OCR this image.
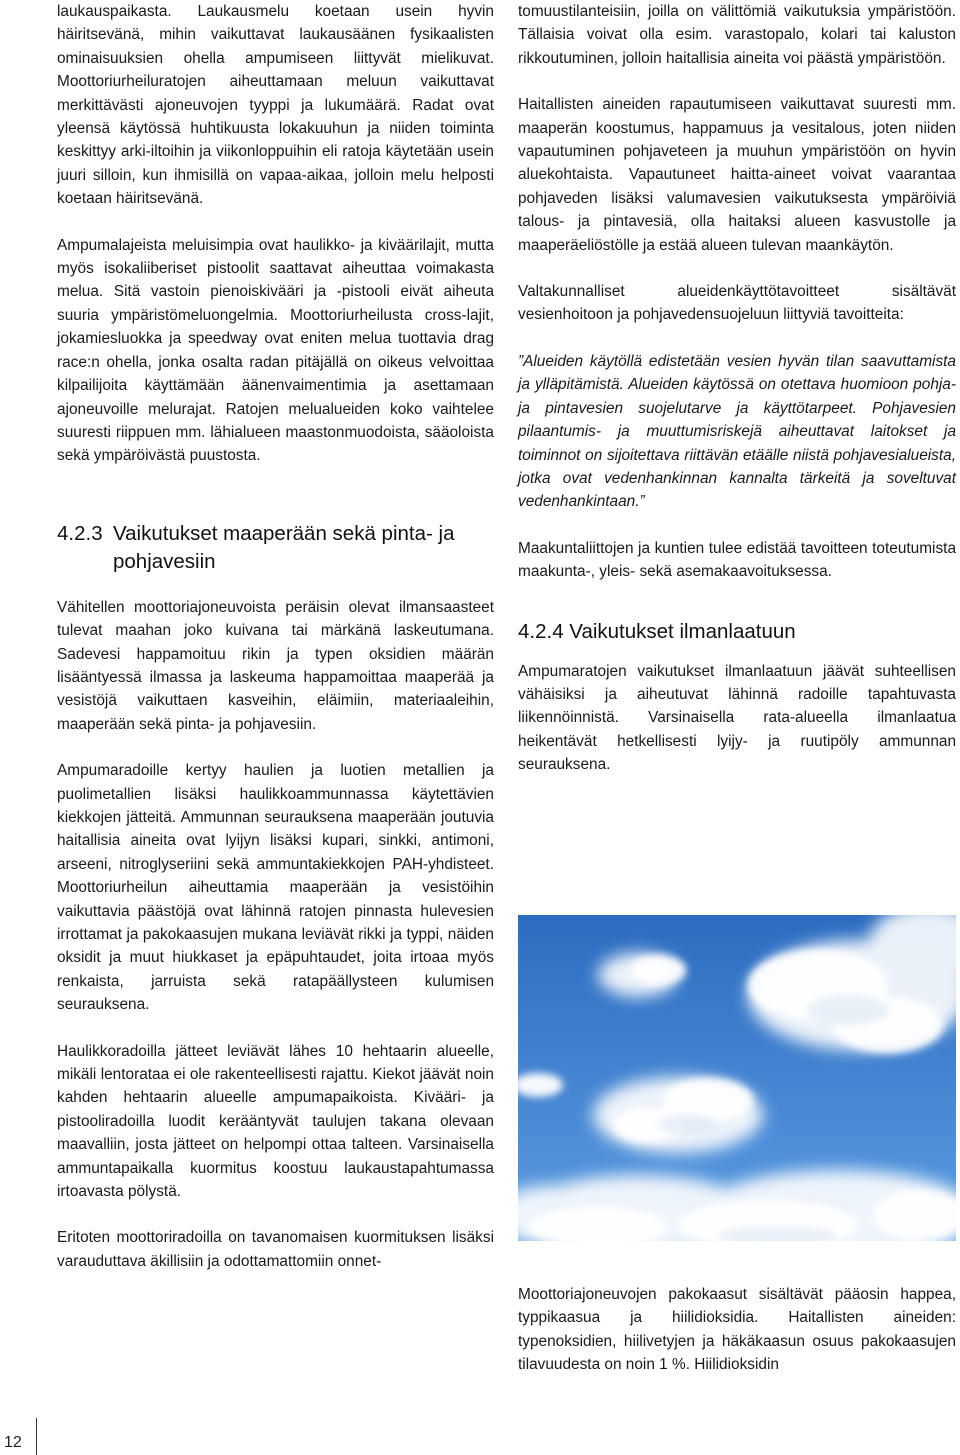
laukauspaikasta. Laukausmelu koetaan usein hyvin häiritsevänä, mihin vaikuttavat laukausäänen fysikaalisten ominaisuuksien ohella ampumiseen liittyvät mielikuvat. Moottoriurheiluratojen aiheuttamaan meluun vaikuttavat merkittävästi ajoneuvojen tyyppi ja lukumäärä. Radat ovat yleensä käytössä huhtikuusta lokakuuhun ja niiden toiminta keskittyy arki-iltoihin ja viikonloppuihin eli ratoja käytetään usein juuri silloin, kun ihmisillä on vapaa-aikaa, jolloin melu helposti koetaan häiritsevänä.

Ampumalajeista meluisimpia ovat haulikko- ja kiväärilajit, mutta myös isokaliiberiset pistoolit saattavat aiheuttaa voimakasta melua. Sitä vastoin pienoiskivääri ja -pistooli eivät aiheuta suuria ympäristömeluongelmia. Moottoriurheilusta cross-lajit, jokamiesluokka ja speedway ovat eniten melua tuottavia drag race:n ohella, jonka osalta radan pitäjällä on oikeus velvoittaa kilpailijoita käyttämään äänenvaimentimia ja asettamaan ajoneuvoille melurajat. Ratojen melualueiden koko vaihtelee suuresti riippuen mm. lähialueen maastonmuodoista, sääoloista sekä ympäröivästä puustosta.

4.2.3 Vaikutukset maaperään sekä pinta- ja
pohjavesiin

Vähitellen moottoriajoneuvoista peräisin olevat ilmansaasteet tulevat maahan joko kuivana tai märkänä laskeutumana. Sadevesi happamoituu rikin ja typen oksidien määrän lisääntyessä ilmassa ja laskeuma happamoittaa maaperää ja vesistöjä vaikuttaen kasveihin, eläimiin, materiaaleihin, maaperään sekä pinta- ja pohjavesiin.

Ampumaradoille kertyy haulien ja luotien metallien ja puolimetallien lisäksi haulikkoammunnassa käytettävien kiekkojen jätteitä. Ammunnan seurauksena maaperään joutuvia haitallisia aineita ovat lyijyn lisäksi kupari, sinkki, antimoni, arseeni, nitroglyseriini sekä ammuntakiekkojen PAH-yhdisteet. Moottoriurheilun aiheuttamia maaperään ja vesistöihin vaikuttavia päästöjä ovat lähinnä ratojen pinnasta hulevesien irrottamat ja pakokaasujen mukana leviävät rikki ja typpi, näiden oksidit ja muut hiukkaset ja epäpuhtaudet, joita irtoaa myös renkaista, jarruista sekä ratapäällysteen kulumisen seurauksena.

Haulikkoradoilla jätteet leviävät lähes 10 hehtaarin alueelle, mikäli lentorataa ei ole rakenteellisesti rajattu. Kiekot jäävät noin kahden hehtaarin alueelle ampumapaikoista. Kivääri- ja pistooliradoilla luodit kerääntyvät taulujen takana olevaan maavalliin, josta jätteet on helpompi ottaa talteen. Varsinaisella ammuntapaikalla kuormitus koostuu laukaustapahtumassa irtoavasta pölystä.

Eritoten moottoriradoilla on tavanomaisen kuormituksen lisäksi varauduttava äkillisiin ja odottamattomiin onnet-

tomuustilanteisiin, joilla on välittömiä vaikutuksia ympäristöön. Tällaisia voivat olla esim. varastopalo, kolari tai kaluston rikkoutuminen, jolloin haitallisia aineita voi päästä ympäristöön.

Haitallisten aineiden rapautumiseen vaikuttavat suuresti mm. maaperän koostumus, happamuus ja vesitalous, joten niiden vapautuminen pohjaveteen ja muuhun ympäristöön on hyvin aluekohtaista. Vapautuneet haitta-aineet voivat vaarantaa pohjaveden lisäksi valumavesien vaikutuksesta ympäröiviä talous- ja pintavesiä, olla haitaksi alueen kasvustolle ja maaperäeliöstölle ja estää alueen tulevan maankäytön.

Valtakunnalliset alueidenkäyttötavoitteet sisältävät vesienhoitoon ja pohjavedensuojeluun liittyviä tavoitteita:

”Alueiden käytöllä edistetään vesien hyvän tilan saavuttamista ja ylläpitämistä. Alueiden käytössä on otettava huomioon pohja- ja pintavesien suojelutarve ja käyttötarpeet. Pohjavesien pilaantumis- ja muuttumisriskejä aiheuttavat laitokset ja toiminnot on sijoitettava riittävän etäälle niistä pohjavesialueista, jotka ovat vedenhankinnan kannalta tärkeitä ja soveltuvat vedenhankintaan.”

Maakuntaliittojen ja kuntien tulee edistää tavoitteen toteutumista maakunta-, yleis- sekä asemakaavoituksessa.

4.2.4 Vaikutukset ilmanlaatuun

Ampumaratojen vaikutukset ilmanlaatuun jäävät suhteellisen vähäisiksi ja aiheutuvat lähinnä radoille tapahtuvasta liikennöinnistä. Varsinaisella rata-alueella ilmanlaatua heikentävät hetkellisesti lyijy- ja ruutipöly ammunnan seurauksena.

Moottoriajoneuvojen pakokaasut sisältävät pääosin happea, typpikaasua ja hiilidioksidia. Haitallisten aineiden: typenoksidien, hiilivetyjen ja häkäkaasun osuus pakokaasujen tilavuudesta on noin 1 %. Hiilidioksidin

12
